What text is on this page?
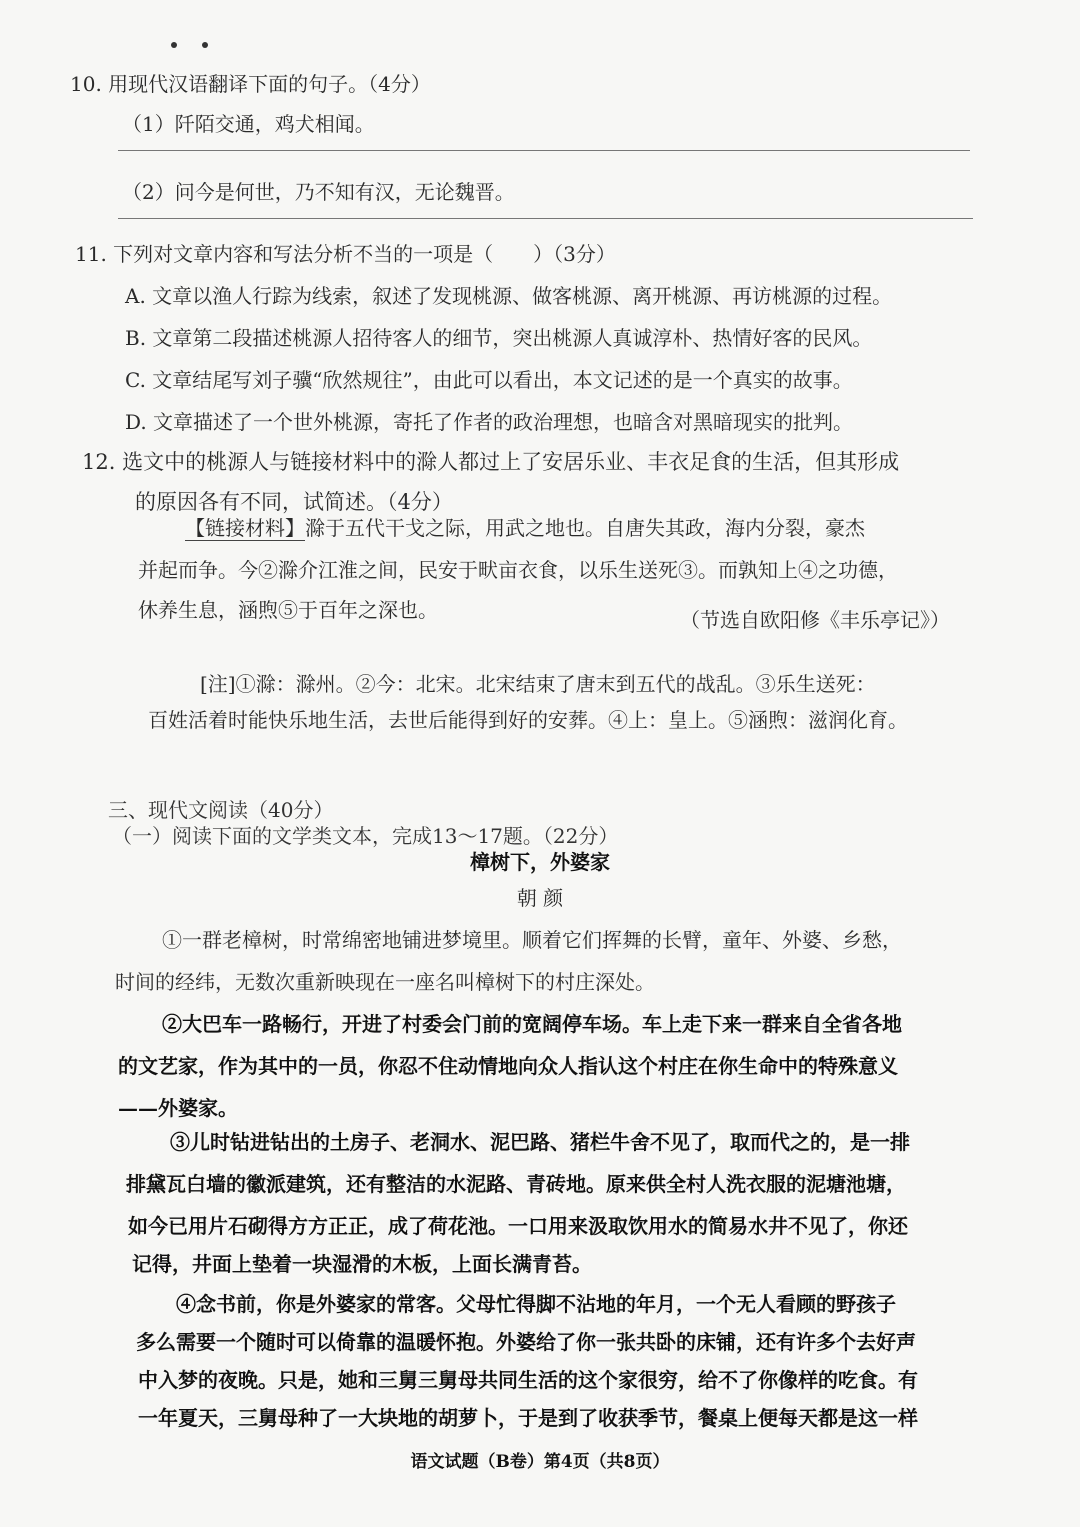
10. 用现代汉语翻译下面的句子。（4分）
（1）阡陌交通，鸡犬相闻。
（2）问今是何世，乃不知有汉，无论魏晋。
11. 下列对文章内容和写法分析不当的一项是（　　）（3分）
A. 文章以渔人行踪为线索，叙述了发现桃源、做客桃源、离开桃源、再访桃源的过程。
B. 文章第二段描述桃源人招待客人的细节，突出桃源人真诚淳朴、热情好客的民风。
C. 文章结尾写刘子骥“欣然规往”，由此可以看出，本文记述的是一个真实的故事。
D. 文章描述了一个世外桃源，寄托了作者的政治理想，也暗含对黑暗现实的批判。
12. 选文中的桃源人与链接材料中的滁人都过上了安居乐业、丰衣足食的生活，但其形成
的原因各有不同，试简述。（4分）
【链接材料】滁于五代干戈之际，用武之地也。自唐失其政，海内分裂，豪杰
并起而争。今②滁介江淮之间，民安于畎亩衣食，以乐生送死③。而孰知上④之功德，
休养生息，涵煦⑤于百年之深也。	（节选自欧阳修《丰乐亭记》）
[注]①滁：滁州。②今：北宋。北宋结束了唐末到五代的战乱。③乐生送死：
百姓活着时能快乐地生活，去世后能得到好的安葬。④上：皇上。⑤涵煦：滋润化育。
三、现代文阅读（40分）
（一）阅读下面的文学类文本，完成13～17题。（22分）
樟树下，外婆家
朝 颜
①一群老樟树，时常绵密地铺进梦境里。顺着它们挥舞的长臂，童年、外婆、乡愁，
时间的经纬，无数次重新映现在一座名叫樟树下的村庄深处。
②大巴车一路畅行，开进了村委会门前的宽阔停车场。车上走下来一群来自全省各地
的文艺家，作为其中的一员，你忍不住动情地向众人指认这个村庄在你生命中的特殊意义
——外婆家。
③儿时钻进钻出的土房子、老洞水、泥巴路、猪栏牛舍不见了，取而代之的，是一排
排黛瓦白墙的徽派建筑，还有整洁的水泥路、青砖地。原来供全村人洗衣服的泥塘池塘，
如今已用片石砌得方方正正，成了荷花池。一口用来汲取饮用水的简易水井不见了，你还
记得，井面上垫着一块湿滑的木板，上面长满青苔。
④念书前，你是外婆家的常客。父母忙得脚不沾地的年月，一个无人看顾的野孩子
多么需要一个随时可以倚靠的温暖怀抱。外婆给了你一张共卧的床铺，还有许多个去好声
中入梦的夜晚。只是，她和三舅三舅母共同生活的这个家很穷，给不了你像样的吃食。有
一年夏天，三舅母种了一大块地的胡萝卜，于是到了收获季节，餐桌上便每天都是这一样
语文试题（B卷）第4页（共8页）
